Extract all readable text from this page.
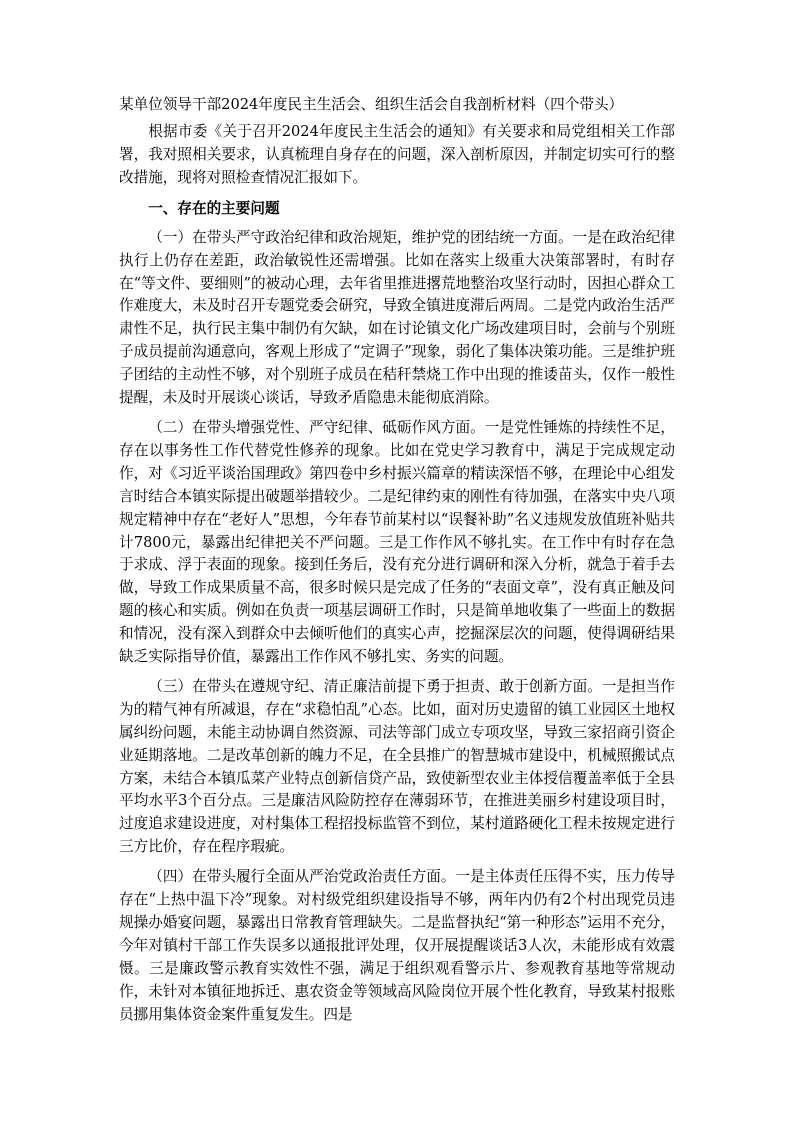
某单位领导干部2024年度民主生活会、组织生活会自我剖析材料（四个带头）

根据市委《关于召开2024年度民主生活会的通知》有关要求和局党组相关工作部署，我对照相关要求，认真梳理自身存在的问题，深入剖析原因，并制定切实可行的整改措施，现将对照检查情况汇报如下。

一、存在的主要问题

（一）在带头严守政治纪律和政治规矩，维护党的团结统一方面。一是在政治纪律执行上仍存在差距，政治敏锐性还需增强。比如在落实上级重大决策部署时，有时存在“等文件、要细则”的被动心理，去年省里推进撂荒地整治攻坚行动时，因担心群众工作难度大，未及时召开专题党委会研究，导致全镇进度滞后两周。二是党内政治生活严肃性不足，执行民主集中制仍有欠缺，如在讨论镇文化广场改建项目时，会前与个别班子成员提前沟通意向，客观上形成了“定调子”现象，弱化了集体决策功能。三是维护班子团结的主动性不够，对个别班子成员在秸秆禁烧工作中出现的推诿苗头，仅作一般性提醒，未及时开展谈心谈话，导致矛盾隐患未能彻底消除。

（二）在带头增强党性、严守纪律、砥砺作风方面。一是党性锤炼的持续性不足，存在以事务性工作代替党性修养的现象。比如在党史学习教育中，满足于完成规定动作，对《习近平谈治国理政》第四卷中乡村振兴篇章的精读深悟不够，在理论中心组发言时结合本镇实际提出破题举措较少。二是纪律约束的刚性有待加强，在落实中央八项规定精神中存在“老好人”思想，今年春节前某村以“误餐补助”名义违规发放值班补贴共计7800元，暴露出纪律把关不严问题。三是工作作风不够扎实。在工作中有时存在急于求成、浮于表面的现象。接到任务后，没有充分进行调研和深入分析，就急于着手去做，导致工作成果质量不高，很多时候只是完成了任务的“表面文章”，没有真正触及问题的核心和实质。例如在负责一项基层调研工作时，只是简单地收集了一些面上的数据和情况，没有深入到群众中去倾听他们的真实心声，挖掘深层次的问题，使得调研结果缺乏实际指导价值，暴露出工作作风不够扎实、务实的问题。

（三）在带头在遵规守纪、清正廉洁前提下勇于担责、敢于创新方面。一是担当作为的精气神有所减退，存在“求稳怕乱”心态。比如，面对历史遗留的镇工业园区土地权属纠纷问题，未能主动协调自然资源、司法等部门成立专项攻坚，导致三家招商引资企业延期落地。二是改革创新的魄力不足，在全县推广的智慧城市建设中，机械照搬试点方案，未结合本镇瓜菜产业特点创新信贷产品，致使新型农业主体授信覆盖率低于全县平均水平3个百分点。三是廉洁风险防控存在薄弱环节，在推进美丽乡村建设项目时，过度追求建设进度，对村集体工程招投标监管不到位，某村道路硬化工程未按规定进行三方比价，存在程序瑕疵。

（四）在带头履行全面从严治党政治责任方面。一是主体责任压得不实，压力传导存在“上热中温下冷”现象。对村级党组织建设指导不够，两年内仍有2个村出现党员违规操办婚宴问题，暴露出日常教育管理缺失。二是监督执纪“第一种形态”运用不充分，今年对镇村干部工作失误多以通报批评处理，仅开展提醒谈话3人次，未能形成有效震慑。三是廉政警示教育实效性不强，满足于组织观看警示片、参观教育基地等常规动作，未针对本镇征地拆迁、惠农资金等领域高风险岗位开展个性化教育，导致某村报账员挪用集体资金案件重复发生。四是
